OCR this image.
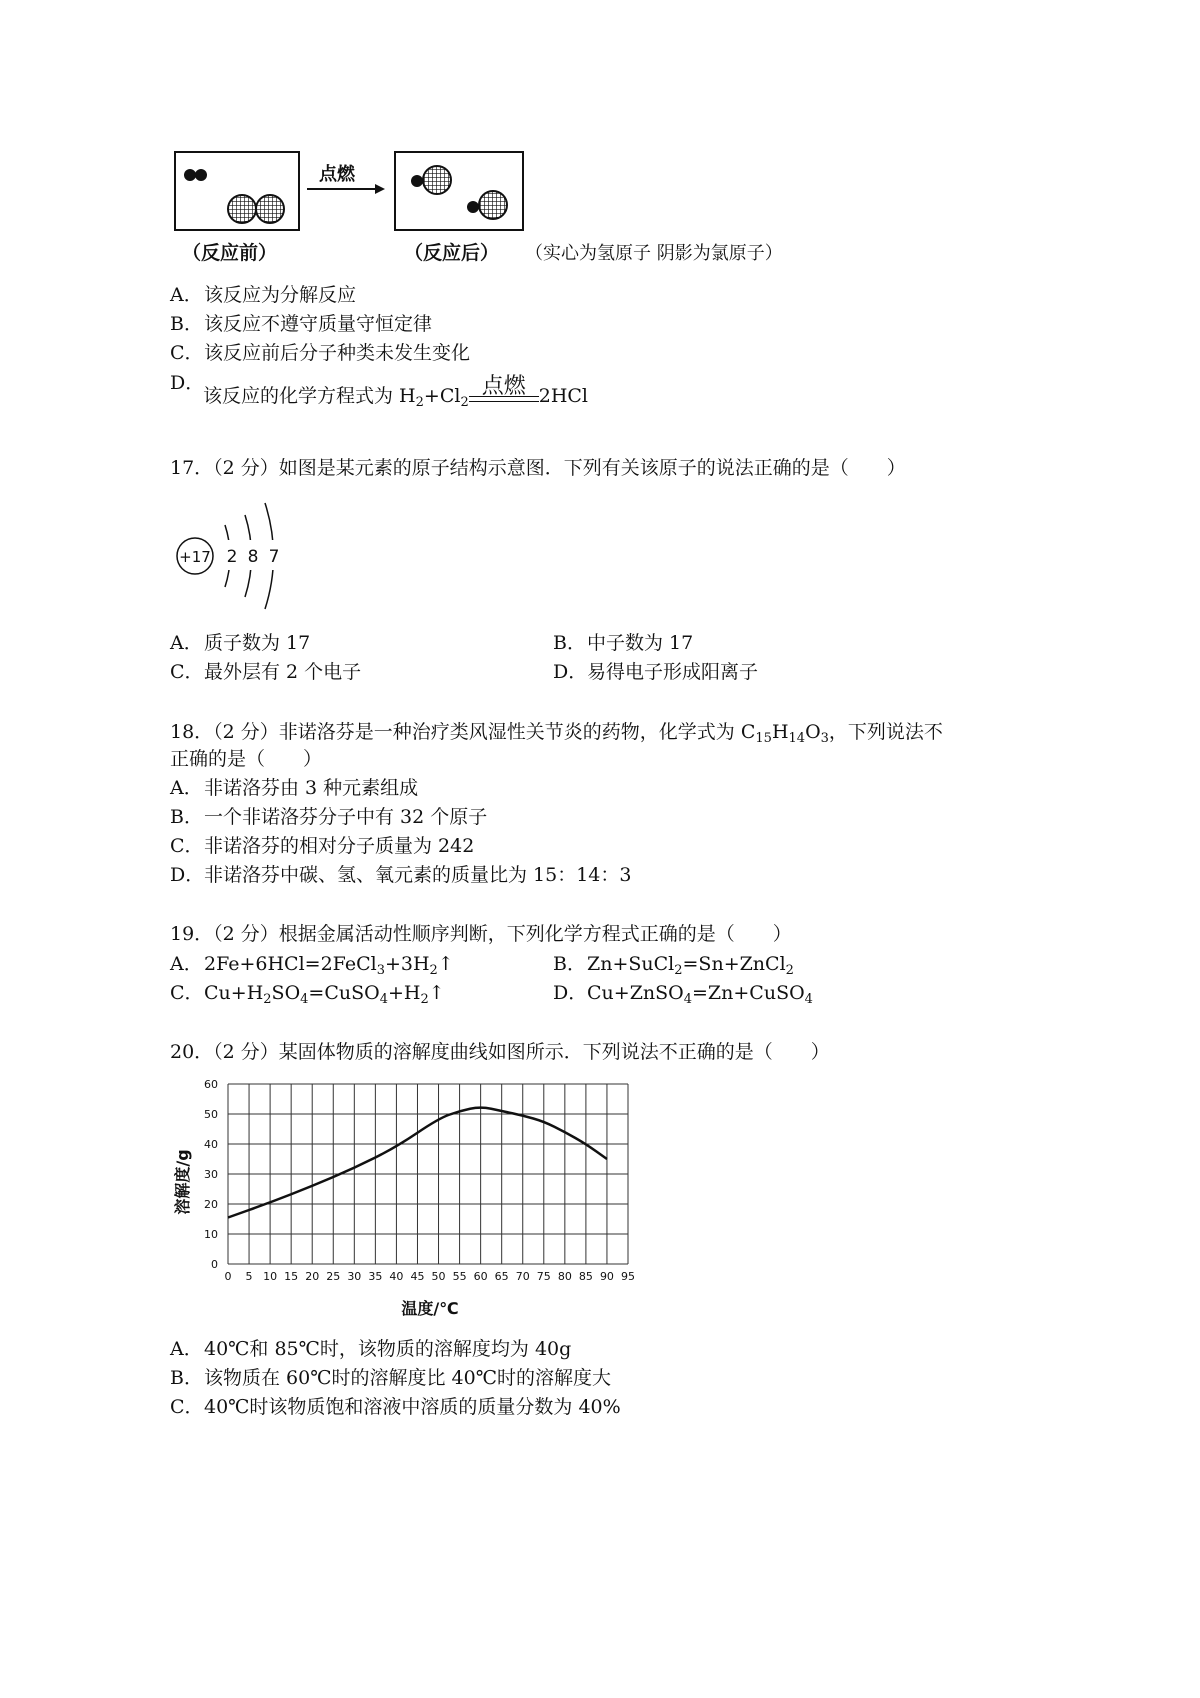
点燃
（反应前）	（反应后） （实心为氢原子 阴影为氯原子）
A．该反应为分解反应
B．该反应不遵守质量守恒定律
C．该反应前后分子种类未发生变化
D．
该反应的化学方程式为 $H_2+Cl_2$
点燃 2HCl
17．（2 分）如图是某元素的原子结构示意图．下列有关该原子的说法正确的是（　　）
+17 2 8 7
A．质子数为 17	B．中子数为 17
C．最外层有 2 个电子	D．易得电子形成阳离子
18．（2 分）非诺洛芬是一种治疗类风湿性关节炎的药物，化学式为 $C_{15}H_{14}O_3$，下列说法不
正确的是（　　）
A．非诺洛芬由 3 种元素组成
B．一个非诺洛芬分子中有 32 个原子
C．非诺洛芬的相对分子质量为 242
D．非诺洛芬中碳、氢、氧元素的质量比为 15：14：3
19．（2 分）根据金属活动性顺序判断，下列化学方程式正确的是（　　）
A．$2Fe+6HCl=2FeCl_3+3H_2↑$	B．Zn+SuCl$_2$=Sn+ZnCl$_2$
C．$Cu+H_2SO_4=CuSO_4+H_2↑$	D．Cu+ZnSO$_4$=Zn+CuSO$_4$
20．（2 分）某固体物质的溶解度曲线如图所示．下列说法不正确的是（　　）
0
10
20
30
40
50
60
0 5 10 15 20 25 30 35 40 45 50 55 60 65 70 75 80 85 90 95
溶解度/g
温度/℃
A．40℃和 85℃时，该物质的溶解度均为 40g
B．该物质在 60℃时的溶解度比 40℃时的溶解度大
C．40℃时该物质饱和溶液中溶质的质量分数为 40%
